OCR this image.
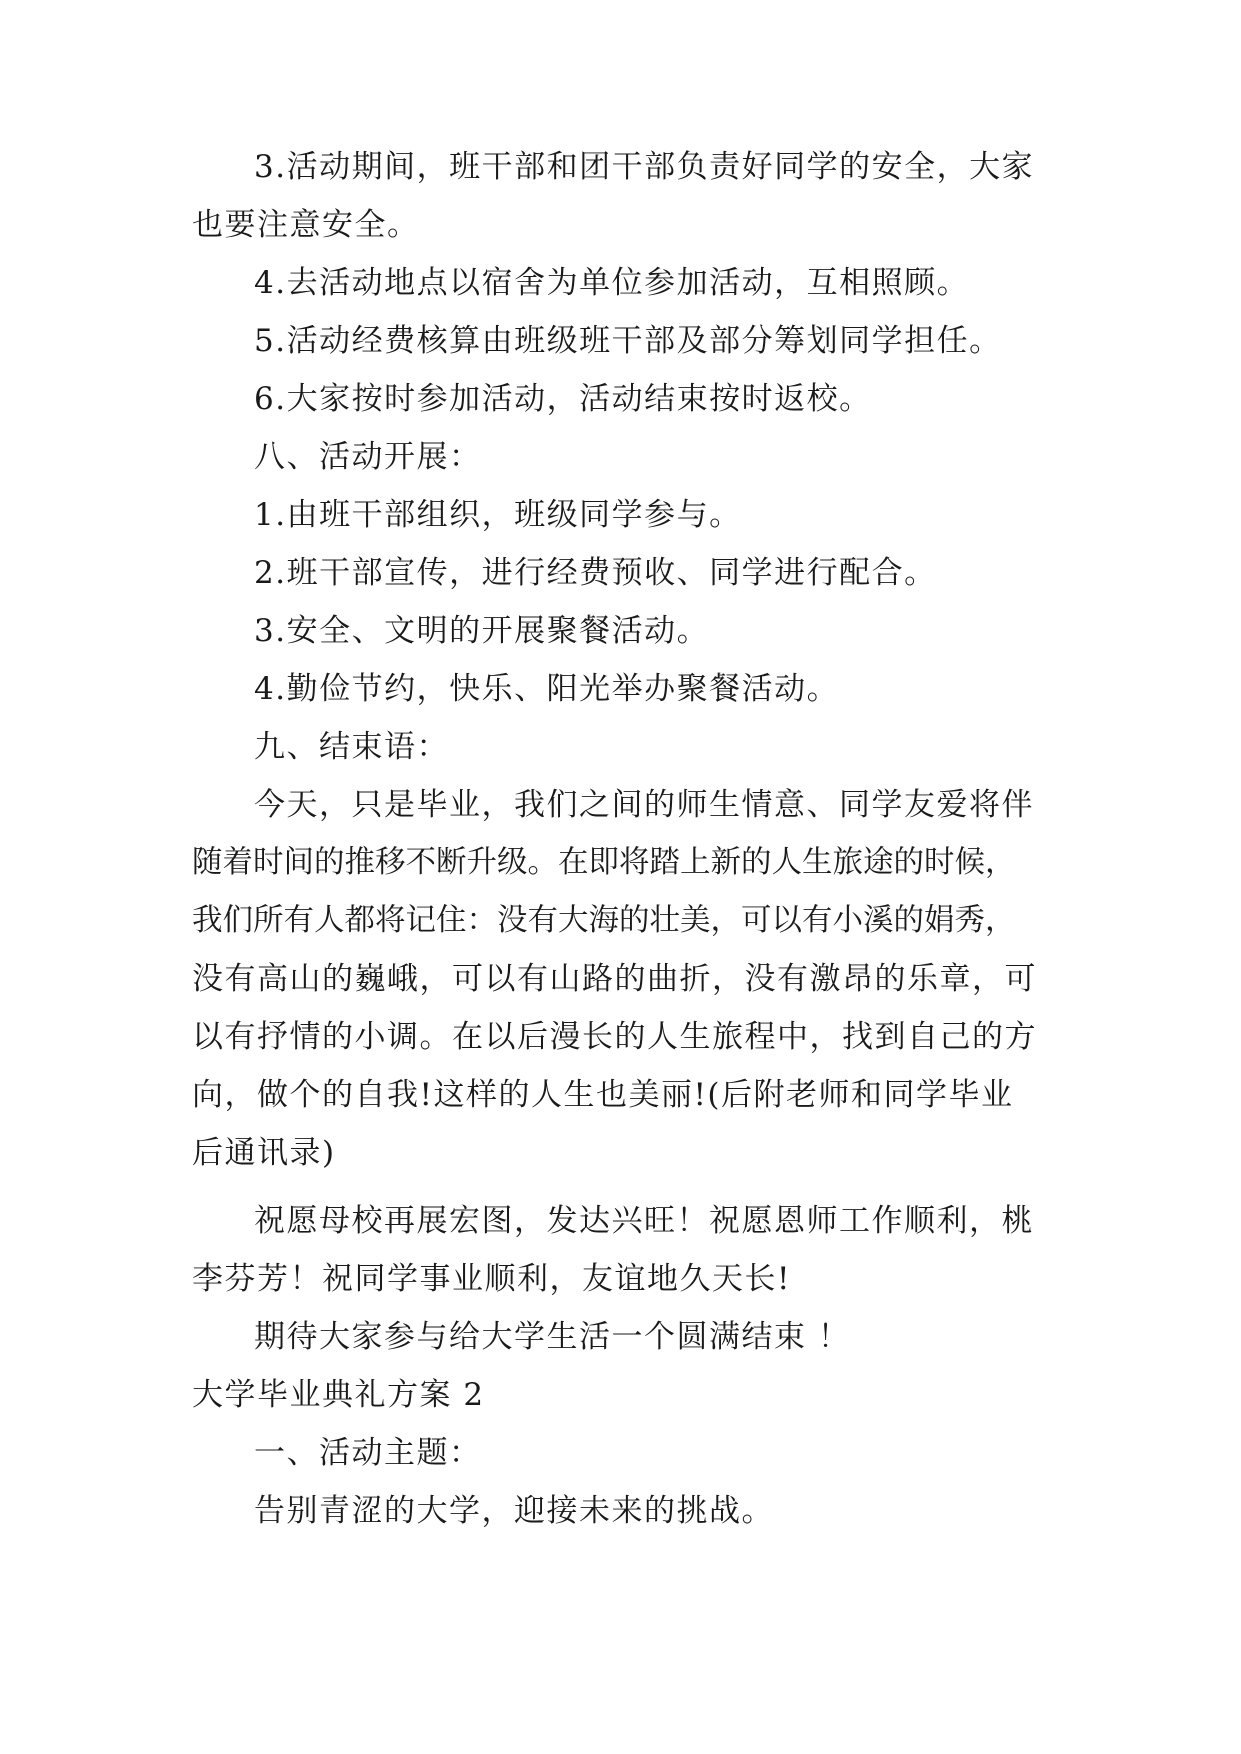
3.活动期间，班干部和团干部负责好同学的安全，大家
也要注意安全。
4.去活动地点以宿舍为单位参加活动，互相照顾。
5.活动经费核算由班级班干部及部分筹划同学担任。
6.大家按时参加活动，活动结束按时返校。
八、活动开展：
1.由班干部组织，班级同学参与。
2.班干部宣传，进行经费预收、同学进行配合。
3.安全、文明的开展聚餐活动。
4.勤俭节约，快乐、阳光举办聚餐活动。
九、结束语：
今天，只是毕业，我们之间的师生情意、同学友爱将伴
随着时间的推移不断升级。在即将踏上新的人生旅途的时候，
我们所有人都将记住：没有大海的壮美，可以有小溪的娟秀，
没有高山的巍峨，可以有山路的曲折，没有激昂的乐章，可
以有抒情的小调。在以后漫长的人生旅程中，找到自己的方
向，做个的自我!这样的人生也美丽!(后附老师和同学毕业
后通讯录)
祝愿母校再展宏图，发达兴旺！祝愿恩师工作顺利，桃
李芬芳！祝同学事业顺利，友谊地久天长!
期待大家参与给大学生活一个圆满结束 ！
大学毕业典礼方案 2
一、活动主题：
告别青涩的大学，迎接未来的挑战。
